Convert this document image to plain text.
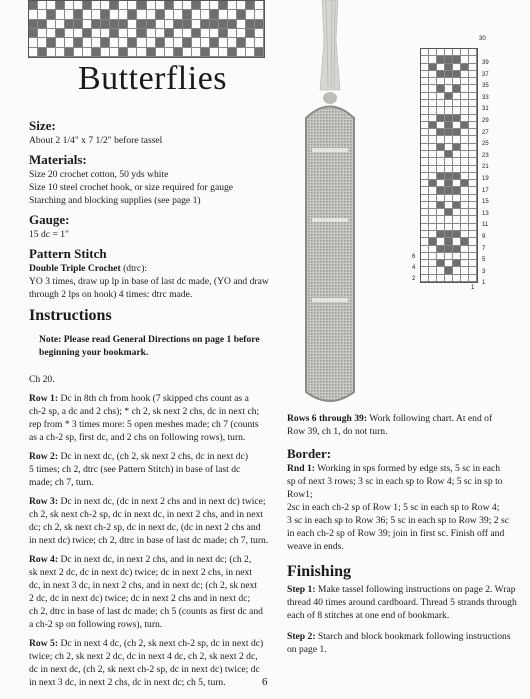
Butterflies
Size:
About 2 1/4" x 7 1/2" before tassel
Materials:
Size 20 crochet cotton, 50 yds white
Size 10 steel crochet hook, or size required for gauge
Starching and blocking supplies (see page 1)
Gauge:
15 dc = 1"
Pattern Stitch
Double Triple Crochet (dtrc):
YO 3 times, draw up lp in base of last dc made, (YO and draw
through 2 lps on hook) 4 times: dtrc made.
Instructions
Note: Please read General Directions on page 1 before
beginning your bookmark.
Ch 20.
Row 1: Dc in 8th ch from hook (7 skipped chs count as a
ch-2 sp, a dc and 2 chs); * ch 2, sk next 2 chs, dc in next ch;
rep from * 3 times more: 5 open meshes made; ch 7 (counts
as a ch-2 sp, first dc, and 2 chs on following rows), turn.
Row 2: Dc in next dc, (ch 2, sk next 2 chs, dc in next dc)
5 times; ch 2, dtrc (see Pattern Stitch) in base of last dc
made; ch 7, turn.
Row 3: Dc in next dc, (dc in next 2 chs and in next dc) twice;
ch 2, sk next ch-2 sp, dc in next dc, in next 2 chs, and in next
dc; ch 2, sk next ch-2 sp, dc in next dc, (dc in next 2 chs and
in next dc) twice; ch 2, dtrc in base of last dc made; ch 7, turn.
Row 4: Dc in next dc, in next 2 chs, and in next dc; (ch 2,
sk next 2 dc, dc in next dc) twice; dc in next 2 chs, in next
dc, in next 3 dc, in next 2 chs, and in next dc; (ch 2, sk next
2 dc, dc in next dc) twice; dc in next 2 chs and in next dc;
ch 2, dtrc in base of last dc made; ch 5 (counts as first dc and
a ch-2 sp on following rows), turn.
Row 5: Dc in next 4 dc, (ch 2, sk next ch-2 sp, dc in next dc)
twice; ch 2, sk next 2 dc, dc in next 4 dc, ch 2, sk next 2 dc,
dc in next dc, (ch 2, sk next ch-2 sp, dc in next dc) twice; dc
in next 3 dc, in next 2 chs, dc in next dc; ch 5, turn.
39
37
35
33
31
29
27
25
23
21
19
17
15
13
11
9
7
5
3
1
30
1
6
4
2
Rows 6 through 39: Work following chart. At end of
Row 39, ch 1, do not turn.
Border:
Rnd 1: Working in sps formed by edge sts, 5 sc in each
sp of next 3 rows; 3 sc in each sp to Row 4; 5 sc in sp to Row1;
2sc in each ch-2 sp of Row 1; 5 sc in each sp to Row 4;
3 sc in each sp to Row 36; 5 sc in each sp to Row 39; 2 sc
in each ch-2 sp of Row 39; join in first sc. Finish off and
weave in ends.
Finishing
Step 1: Make tassel following instructions on page 2. Wrap
thread 40 times around cardboard. Thread 5 strands through
each of 8 stitches at one end of bookmark.
Step 2: Starch and block bookmark following instructions
on page 1.
6
